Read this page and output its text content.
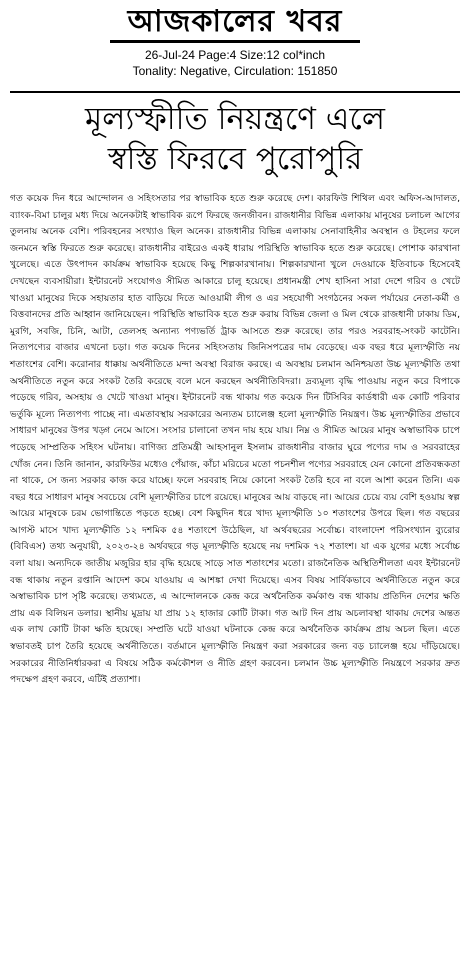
আজকালের খবর
26-Jul-24 Page:4 Size:12 col*inch
Tonality: Negative, Circulation: 151850
মূল্যস্ফীতি নিয়ন্ত্রণে এলে
স্বস্তি ফিরবে পুরোপুরি

গত কয়েক দিন ধরে আন্দোলন ও সহিংসতার পর স্বাভাবিক হতে শুরু করেছে দেশ। কারফিউ শিথিল এবং অফিস-আদালত, ব্যাংক-বিমা চালুর মধ্য দিয়ে অনেকটাই স্বাভাবিক রূপে ফিরছে জনজীবন। রাজধানীর বিভিন্ন এলাকায় মানুষের চলাচল আগের তুলনায় অনেক বেশি। পরিবহনের সংখ্যাও ছিল অনেক। রাজধানীর বিভিন্ন এলাকায় সেনাবাহিনীর অবস্থান ও টহলের ফলে জনমনে স্বস্তি ফিরতে শুরু করেছে। রাজধানীর বাইরেও একই ধারায় পরিস্থিতি স্বাভাবিক হতে শুরু করেছে। পোশাক কারখানা খুলেছে। এতে উৎপাদন কার্যক্রম স্বাভাবিক হয়েছে কিছু শিল্পকারখানায়। শিল্পকারখানা খুলে দেওয়াকে ইতিবাচক হিসেবেই দেখছেন ব্যবসায়ীরা। ইন্টারনেট সংযোগও সীমিত আকারে চালু হয়েছে। প্রধানমন্ত্রী শেখ হাসিনা সারা দেশে গরিব ও খেটে খাওয়া মানুষের দিকে সহায়তার হাত বাড়িয়ে দিতে আওয়ামী লীগ ও এর সহযোগী সংগঠনের সকল পর্যায়ের নেতা-কর্মী ও বিত্তবানদের প্রতি আহ্বান জানিয়েছেন। পরিস্থিতি স্বাভাবিক হতে শুরু করায় বিভিন্ন জেলা ও মিল থেকে রাজধানী ঢাকায় ডিম, মুরগি, সবজি, চিনি, আটা, তেলসহ অন্যান্য পণ্যভর্তি ট্রাক আসতে শুরু করেছে। তার পরও সরবরাহ-সংকট কাটেনি। নিত্যপণ্যের বাজার এখনো চড়া। গত কয়েক দিনের সহিংসতায় জিনিসপত্রের দাম বেড়েছে। এক বছর ধরে মূল্যস্ফীতি নয় শতাংশের বেশি। করোনার ধাক্কায় অর্থনীতিতে মন্দা অবস্থা বিরাজ করছে। এ অবস্থায় চলমান অনিশ্চয়তা উচ্চ মূল্যস্ফীতি তথা অর্থনীতিতে নতুন করে সংকট তৈরি করেছে বলে মনে করছেন অর্থনীতিবিদরা। দ্রব্যমূল্য বৃদ্ধি পাওয়ায় নতুন করে বিপাকে পড়েছে গরিব, অসহায় ও খেটে খাওয়া মানুষ। ইন্টারনেট বন্ধ থাকায় গত কয়েক দিন টিসিবির কার্ডধারী এক কোটি পরিবার ভর্তুকি মূল্যে নিত্যপণ্য পাচ্ছে না। এমতাবস্থায় সরকারের অন্যতম চ্যালেঞ্জ হলো মূল্যস্ফীতি নিয়ন্ত্রণ। উচ্চ মূল্যস্ফীতির প্রভাবে সাধারণ মানুষের উপর খড়্গ নেমে আসে। সংসার চালানো তখন দায় হয়ে যায়। নিম্ন ও সীমিত আয়ের মানুষ অস্বাভাবিক চাপে পড়েছে সাম্প্রতিক সহিংস ঘটনায়। বাণিজ্য প্রতিমন্ত্রী আহসানুল ইসলাম রাজধানীর বাজার ঘুরে পণ্যের দাম ও সরবরাহের খোঁজ নেন। তিনি জানান, কারফিউর মধ্যেও পেঁয়াজ, কাঁচা মরিচের মতো পচনশীল পণ্যের সরবরাহে যেন কোনো প্রতিবন্ধকতা না থাকে, সে জন্য সরকার কাজ করে যাচ্ছে। ফলে সরবরাহ নিয়ে কোনো সংকট তৈরি হবে না বলে আশা করেন তিনি। এক বছর ধরে সাধারণ মানুষ সবচেয়ে বেশি মূল্যস্ফীতির চাপে রয়েছে। মানুষের আয় বাড়ছে না। আয়ের চেয়ে ব্যয় বেশি হওয়ায় স্বল্প আয়ের মানুষকে চরম ভোগান্তিতে পড়তে হচ্ছে। বেশ কিছুদিন ধরে খাদ্য মূল্যস্ফীতি ১০ শতাংশের উপরে ছিল। গত বছরের আগস্ট মাসে খাদ্য মূল্যস্ফীতি ১২ দশমিক ৫৪ শতাংশে উঠেছিল, যা অর্থবছরের সর্বোচ্চ। বাংলাদেশ পরিসংখ্যান ব্যুরোর (বিবিএস) তথ্য অনুযায়ী, ২০২৩-২৪ অর্থবছরে গড় মূল্যস্ফীতি হয়েছে নয় দশমিক ৭২ শতাংশ। যা এক যুগের মধ্যে সর্বোচ্চ বলা যায়। অন্যদিকে জাতীয় মজুরির হার বৃদ্ধি হয়েছে সাড়ে সাত শতাংশের মতো। রাজনৈতিক অস্থিতিশীলতা এবং ইন্টারনেট বন্ধ থাকায় নতুন রপ্তানি আদেশ কমে যাওয়ায় এ আশঙ্কা দেখা দিয়েছে। এসব বিষয় সার্বিকভাবে অর্থনীতিতে নতুন করে অস্বাভাবিক চাপ সৃষ্টি করেছে। তথ্যমতে, এ আন্দোলনকে কেন্দ্র করে অর্থনৈতিক কর্মকাণ্ড বন্ধ থাকায় প্রতিদিন দেশের ক্ষতি প্রায় এক বিলিয়ন ডলার। স্থানীয় মুদ্রায় যা প্রায় ১২ হাজার কোটি টাকা। গত আট দিন প্রায় অচলাবস্থা থাকায় দেশের অন্তত এক লাখ কোটি টাকা ক্ষতি হয়েছে। সম্প্রতি ঘটে যাওয়া ঘটনাকে কেন্দ্র করে অর্থনৈতিক কার্যক্রম প্রায় অচল ছিল। এতে স্বভাবতই চাপ তৈরি হয়েছে অর্থনীতিতে। বর্তমানে মূল্যস্ফীতি নিয়ন্ত্রণ করা সরকারের জন্য বড় চ্যালেঞ্জ হয়ে দাঁড়িয়েছে। সরকারের নীতিনির্ধারকরা এ বিষয়ে সঠিক কর্মকৌশল ও নীতি গ্রহণ করবেন। চলমান উচ্চ মূল্যস্ফীতি নিয়ন্ত্রণে সরকার দ্রুত পদক্ষেপ গ্রহণ করবে, এটিই প্রত্যাশা।
